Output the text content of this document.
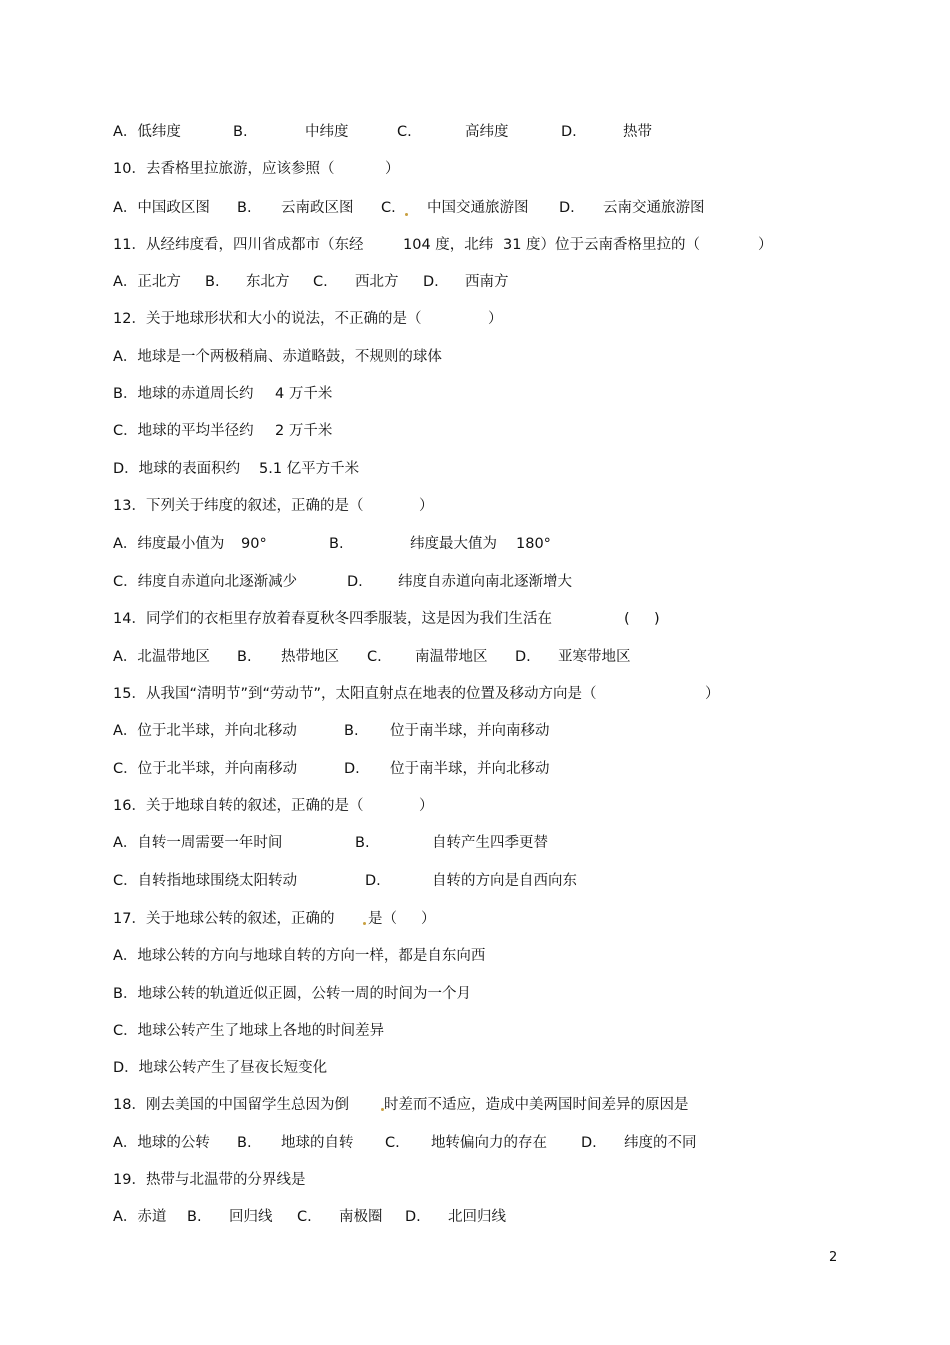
A．低纬度	B.	中纬度	C.	高纬度	D.	热带
10．去香格里拉旅游，应该参照（	）
A．中国政区图 B. 云南政区图 C. 中国交通旅游图 D. 云南交通旅游图
11．从经纬度看，四川省成都市（东经	104 度，北纬 31 度）位于云南香格里拉的（	）
A．正北方 B. 东北方 C. 西北方 D. 西南方
12．关于地球形状和大小的说法，不正确的是（	）
A．地球是一个两极稍扁、赤道略鼓，不规则的球体
B．地球的赤道周长约 4 万千米
C．地球的平均半径约 2 万千米
D．地球的表面积约 5.1 亿平方千米
13．下列关于纬度的叙述，正确的是（	）
A．纬度最小值为 90°	B.	纬度最大值为 180°
C．纬度自赤道向北逐渐减少	D. 纬度自赤道向南北逐渐增大
14．同学们的衣柜里存放着春夏秋冬四季服装，这是因为我们生活在	( )
A．北温带地区 B. 热带地区 C. 南温带地区 D. 亚寒带地区
15．从我国“清明节”到“劳动节”，太阳直射点在地表的位置及移动方向是（	）
A．位于北半球，并向北移动	B. 位于南半球，并向南移动
C．位于北半球，并向南移动	D. 位于南半球，并向北移动
16．关于地球自转的叙述，正确的是（	）
A．自转一周需要一年时间	B.	自转产生四季更替
C．自转指地球围绕太阳转动	D.	自转的方向是自西向东
17．关于地球公转的叙述，正确的 是（ ）
A．地球公转的方向与地球自转的方向一样，都是自东向西
B．地球公转的轨道近似正圆，公转一周的时间为一个月
C．地球公转产生了地球上各地的时间差异
D．地球公转产生了昼夜长短变化
18．刚去美国的中国留学生总因为倒 时差而不适应，造成中美两国时间差异的原因是
A．地球的公转 B. 地球的自转 C. 地转偏向力的存在 D. 纬度的不同
19．热带与北温带的分界线是
A．赤道 B. 回归线 C. 南极圈 D. 北回归线
2
